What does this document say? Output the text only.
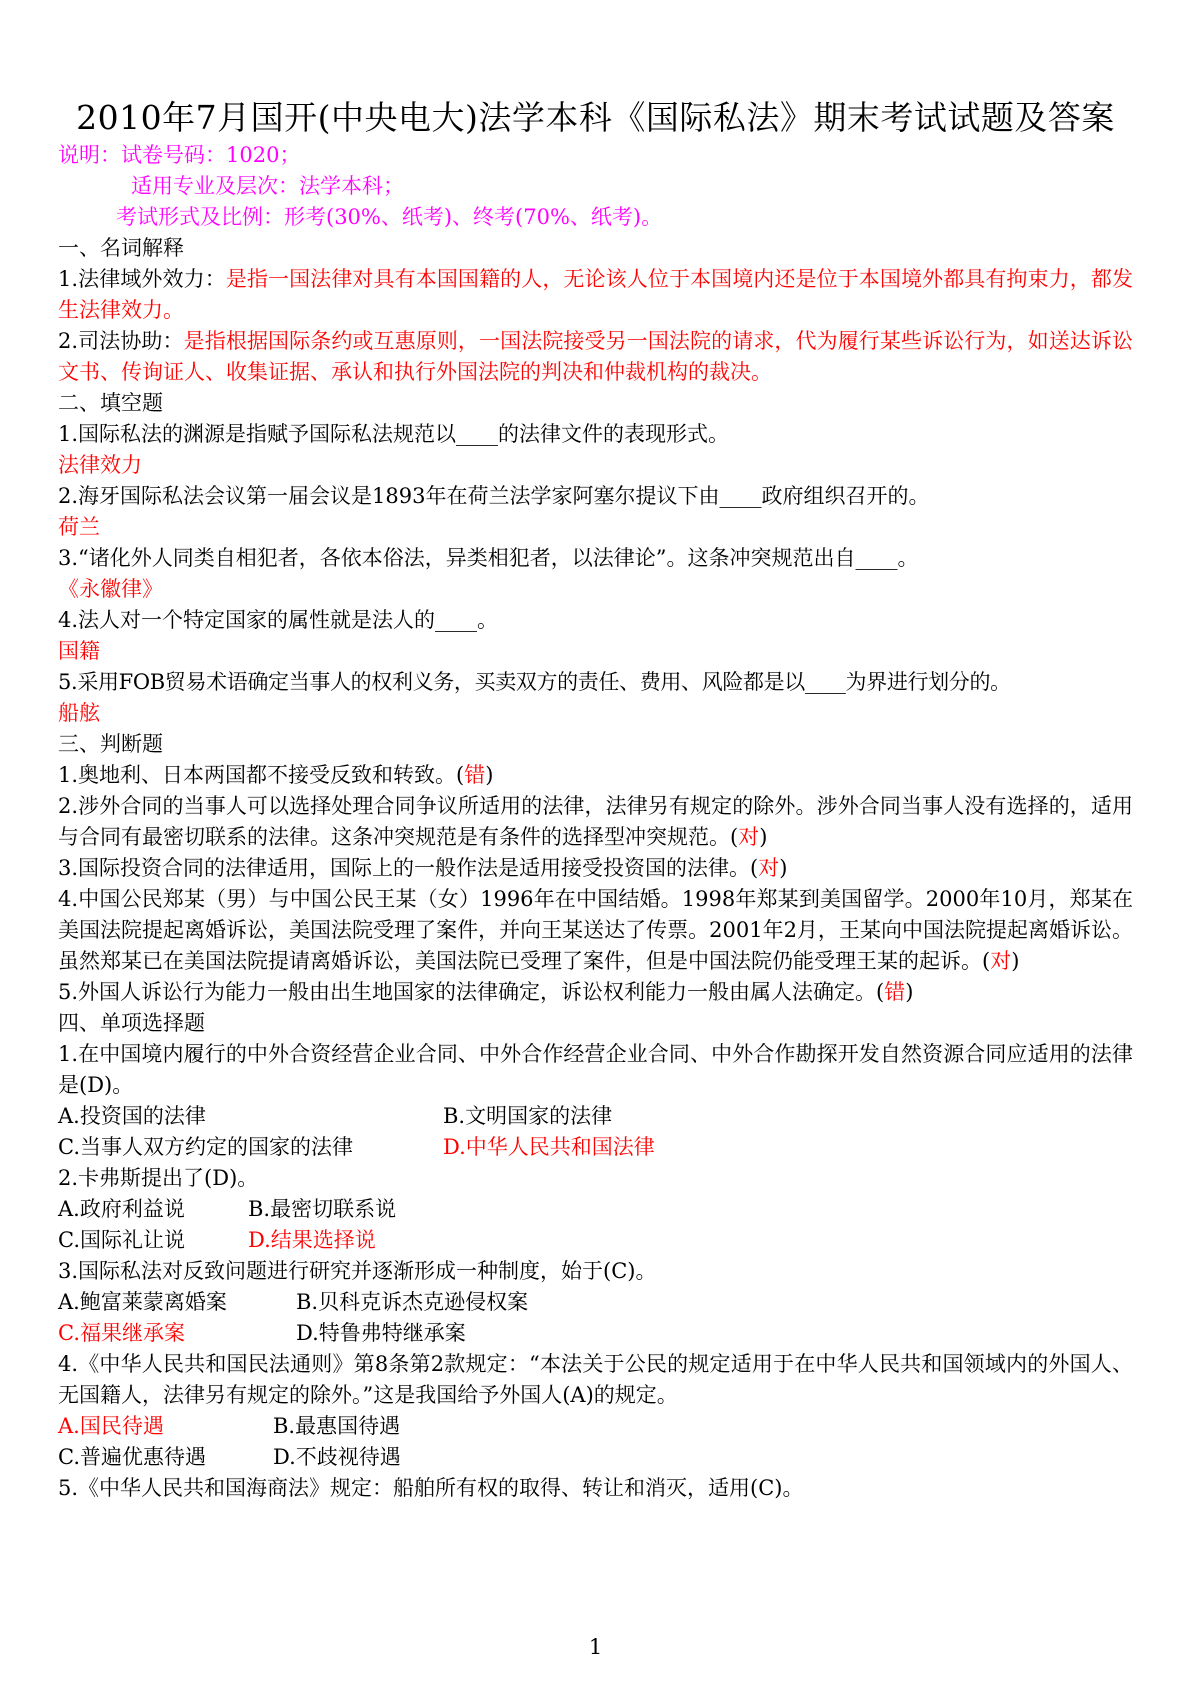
2010年7月国开(中央电大)法学本科《国际私法》期末考试试题及答案

说明：试卷号码：1020；

适用专业及层次：法学本科；

考试形式及比例：形考(30%、纸考)、终考(70%、纸考)。

一、名词解释

1.法律域外效力：是指一国法律对具有本国国籍的人，无论该人位于本国境内还是位于本国境外都具有拘束力，都发生法律效力。

2.司法协助：是指根据国际条约或互惠原则，一国法院接受另一国法院的请求，代为履行某些诉讼行为，如送达诉讼文书、传询证人、收集证据、承认和执行外国法院的判决和仲裁机构的裁决。

二、填空题

1.国际私法的渊源是指赋予国际私法规范以____的法律文件的表现形式。

法律效力

2.海牙国际私法会议第一届会议是1893年在荷兰法学家阿塞尔提议下由____政府组织召开的。

荷兰

3.“诸化外人同类自相犯者，各依本俗法，异类相犯者，以法律论”。这条冲突规范出自____。

《永徽律》

4.法人对一个特定国家的属性就是法人的____。

国籍

5.采用FOB贸易术语确定当事人的权利义务，买卖双方的责任、费用、风险都是以____为界进行划分的。

船舷

三、判断题

1.奥地利、日本两国都不接受反致和转致。(错)

2.涉外合同的当事人可以选择处理合同争议所适用的法律，法律另有规定的除外。涉外合同当事人没有选择的，适用与合同有最密切联系的法律。这条冲突规范是有条件的选择型冲突规范。(对)

3.国际投资合同的法律适用，国际上的一般作法是适用接受投资国的法律。(对)

4.中国公民郑某（男）与中国公民王某（女）1996年在中国结婚。1998年郑某到美国留学。2000年10月，郑某在美国法院提起离婚诉讼，美国法院受理了案件，并向王某送达了传票。2001年2月，王某向中国法院提起离婚诉讼。虽然郑某已在美国法院提请离婚诉讼，美国法院已受理了案件，但是中国法院仍能受理王某的起诉。(对)

5.外国人诉讼行为能力一般由出生地国家的法律确定，诉讼权利能力一般由属人法确定。(错)

四、单项选择题

1.在中国境内履行的中外合资经营企业合同、中外合作经营企业合同、中外合作勘探开发自然资源合同应适用的法律是(D)。

A.投资国的法律	B.文明国家的法律
C.当事人双方约定的国家的法律	D.中华人民共和国法律

2.卡弗斯提出了(D)。

A.政府利益说	B.最密切联系说
C.国际礼让说	D.结果选择说

3.国际私法对反致问题进行研究并逐渐形成一种制度，始于(C)。

A.鲍富莱蒙离婚案	B.贝科克诉杰克逊侵权案
C.福果继承案	D.特鲁弗特继承案

4.《中华人民共和国民法通则》第8条第2款规定：“本法关于公民的规定适用于在中华人民共和国领域内的外国人、无国籍人，法律另有规定的除外。”这是我国给予外国人(A)的规定。

A.国民待遇	B.最惠国待遇
C.普遍优惠待遇	D.不歧视待遇

5.《中华人民共和国海商法》规定：船舶所有权的取得、转让和消灭，适用(C)。

1
